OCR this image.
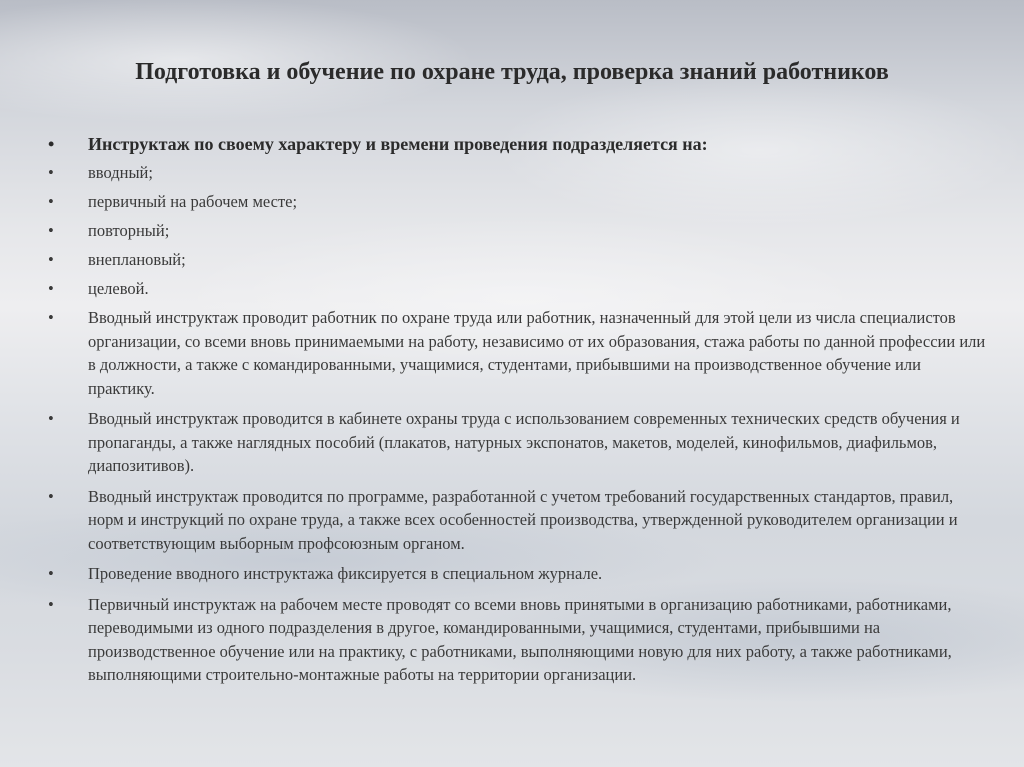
Подготовка и обучение по охране труда, проверка знаний работников
•	Инструктаж по своему характеру и времени проведения подразделяется на:
•	вводный;
•	первичный на рабочем месте;
•	повторный;
•	внеплановый;
•	целевой.
•	Вводный инструктаж проводит работник по охране труда или работник, назначенный для этой цели из числа специалистов организации, со всеми вновь принимаемыми на работу, независимо от их образования, стажа работы по данной профессии или в должности, а также с командированными, учащимися, студентами, прибывшими на производственное обучение или практику.
•	Вводный инструктаж проводится в кабинете охраны труда с использованием современных технических средств обучения и пропаганды, а также наглядных пособий (плакатов, натурных экспонатов, макетов, моделей, кинофильмов, диафильмов, диапозитивов).
•	Вводный инструктаж проводится по программе, разработанной с учетом требований государственных стандартов, правил, норм и инструкций по охране труда, а также всех особенностей производства, утвержденной руководителем организации и соответствующим выборным профсоюзным органом.
•	Проведение вводного инструктажа фиксируется в специальном журнале.
•	Первичный инструктаж на рабочем месте проводят со всеми вновь принятыми в организацию работниками, работниками, переводимыми из одного подразделения в другое, командированными, учащимися, студентами, прибывшими на производственное обучение или на практику, с работниками, выполняющими новую для них работу, а также работниками, выполняющими строительно-монтажные работы на территории организации.
